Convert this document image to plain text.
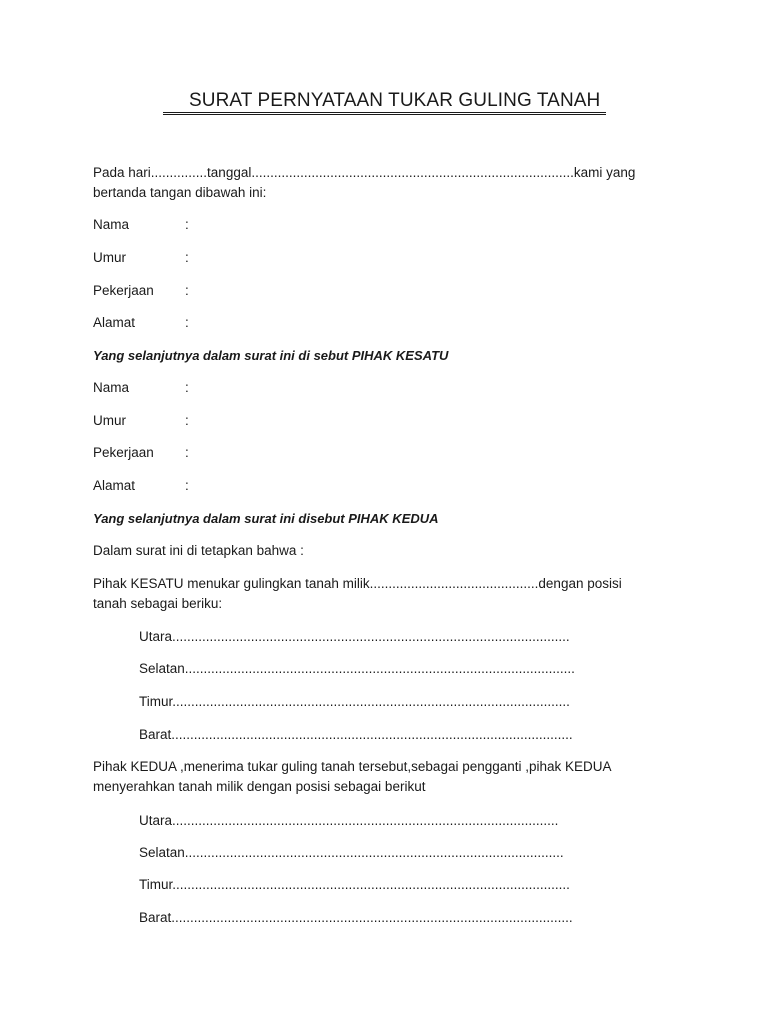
SURAT PERNYATAAN TUKAR GULING TANAH
Pada hari...............tanggal......................................................................................kami yang
bertanda tangan dibawah ini:
Nama	:
Umur	:
Pekerjaan :
Alamat	:
Yang selanjutnya dalam surat ini di sebut PIHAK KESATU
Nama	:
Umur	:
Pekerjaan :
Alamat	:
Yang selanjutnya dalam surat ini disebut PIHAK KEDUA
Dalam surat ini di tetapkan bahwa :
Pihak KESATU menukar gulingkan tanah milik.............................................dengan posisi
tanah sebagai beriku:
Utara..........................................................................................................
Selatan........................................................................................................
Timur..........................................................................................................
Barat...........................................................................................................
Pihak KEDUA ,menerima tukar guling tanah tersebut,sebagai pengganti ,pihak KEDUA
menyerahkan tanah milik dengan posisi sebagai berikut
Utara.......................................................................................................
Selatan.....................................................................................................
Timur..........................................................................................................
Barat...........................................................................................................
